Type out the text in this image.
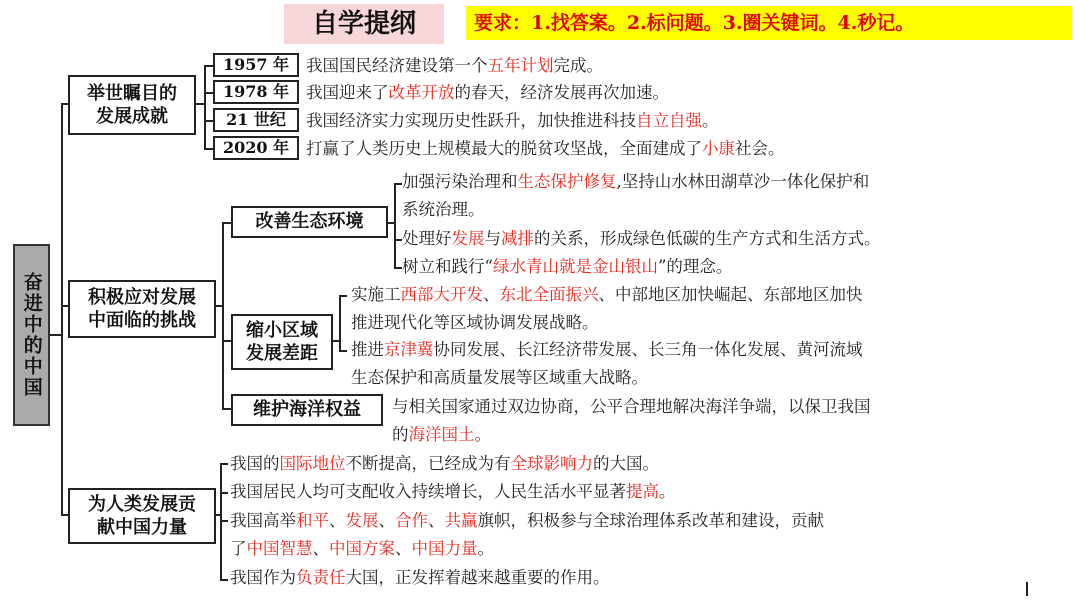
自学提纲	要求：1.找答案。2.标问题。3.圈关键词。4.秒记。
奋进中的中国
举世瞩目的
发展成就
1957 年
1978 年
21 世纪
2020 年
我国国民经济建设第一个五年计划完成。
我国迎来了改革开放的春天，经济发展再次加速。
我国经济实力实现历史性跃升，加快推进科技自立自强。
打赢了人类历史上规模最大的脱贫攻坚战，全面建成了小康社会。
积极应对发展
中面临的挑战
改善生态环境
缩小区域
发展差距
维护海洋权益
加强污染治理和生态保护修复,坚持山水林田湖草沙一体化保护和
系统治理。
处理好发展与减排的关系，形成绿色低碳的生产方式和生活方式。
树立和践行“绿水青山就是金山银山”的理念。
实施工西部大开发、东北全面振兴、中部地区加快崛起、东部地区加快
推进现代化等区域协调发展战略。
推进京津冀协同发展、长江经济带发展、长三角一体化发展、黄河流域
生态保护和高质量发展等区域重大战略。
与相关国家通过双边协商，公平合理地解决海洋争端，以保卫我国
的海洋国土。
为人类发展贡
献中国力量
我国的国际地位不断提高，已经成为有全球影响力的大国。
我国居民人均可支配收入持续增长，人民生活水平显著提高。
我国高举和平、发展、合作、共赢旗帜，积极参与全球治理体系改革和建设，贡献
了中国智慧、中国方案、中国力量。
我国作为负责任大国，正发挥着越来越重要的作用。
